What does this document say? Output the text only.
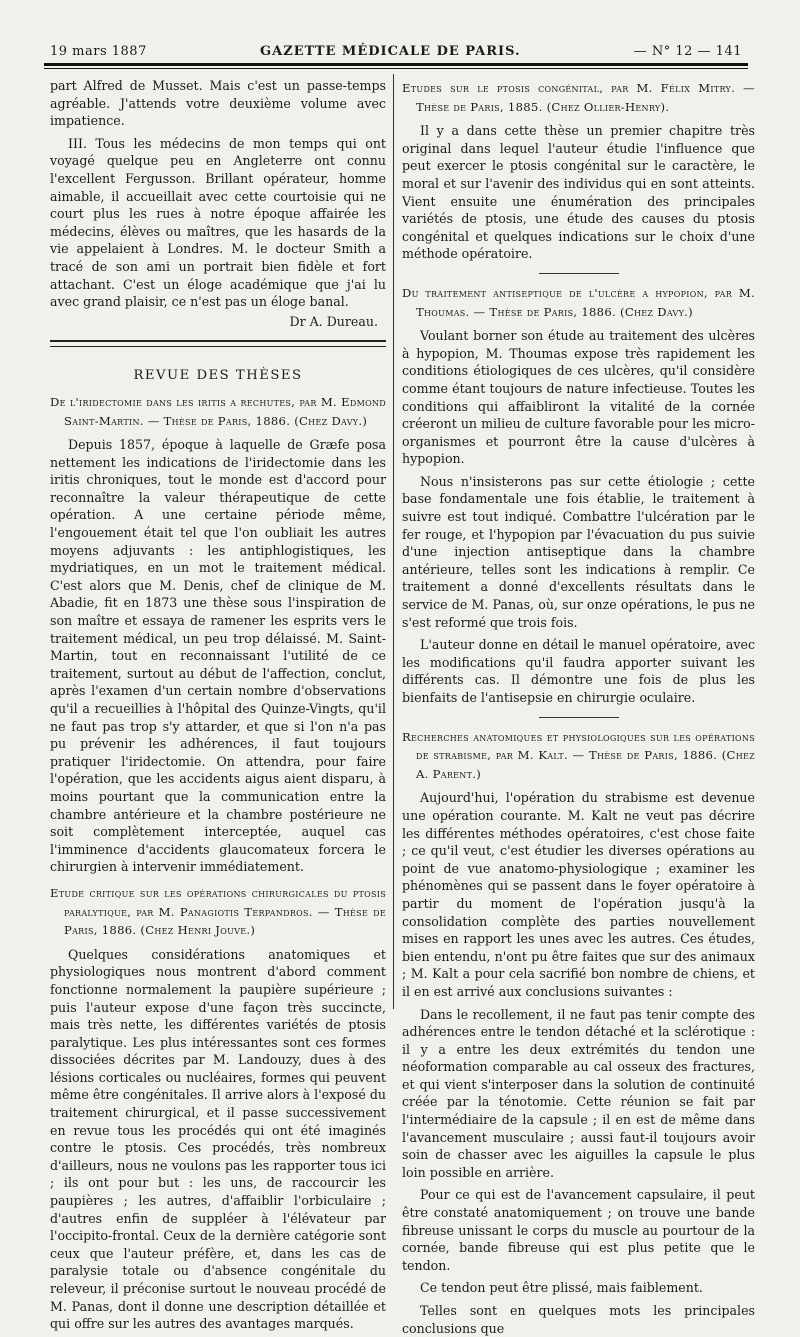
19 mars 1887	GAZETTE MÉDICALE DE PARIS.	— N° 12 — 141

part Alfred de Musset. Mais c'est un passe-temps agréable. J'attends votre deuxième volume avec impatience.

III. Tous les médecins de mon temps qui ont voyagé quelque peu en Angleterre ont connu l'excellent Fergusson. Brillant opérateur, homme aimable, il accueillait avec cette courtoisie qui ne court plus les rues à notre époque affairée les médecins, élèves ou maîtres, que les hasards de la vie appelaient à Londres. M. le docteur Smith a tracé de son ami un portrait bien fidèle et fort attachant. C'est un éloge académique que j'ai lu avec grand plaisir, ce n'est pas un éloge banal.

Dr A. Dureau.
REVUE DES THÈSES

De l'iridectomie dans les iritis a rechutes, par M. Edmond Saint-Martin. — Thèse de Paris, 1886. (Chez Davy.)

Depuis 1857, époque à laquelle de Græfe posa nettement les indications de l'iridectomie dans les iritis chroniques, tout le monde est d'accord pour reconnaître la valeur thérapeutique de cette opération. A une certaine période même, l'engouement était tel que l'on oubliait les autres moyens adjuvants : les antiphlogistiques, les mydriatiques, en un mot le traitement médical. C'est alors que M. Denis, chef de clinique de M. Abadie, fit en 1873 une thèse sous l'inspiration de son maître et essaya de ramener les esprits vers le traitement médical, un peu trop délaissé. M. Saint-Martin, tout en reconnaissant l'utilité de ce traitement, surtout au début de l'affection, conclut, après l'examen d'un certain nombre d'observations qu'il a recueillies à l'hôpital des Quinze-Vingts, qu'il ne faut pas trop s'y attarder, et que si l'on n'a pas pu prévenir les adhérences, il faut toujours pratiquer l'iridectomie. On attendra, pour faire l'opération, que les accidents aigus aient disparu, à moins pourtant que la communication entre la chambre antérieure et la chambre postérieure ne soit complètement interceptée, auquel cas l'imminence d'accidents glaucomateux forcera le chirurgien à intervenir immédiatement.

Etude critique sur les opérations chirurgicales du ptosis paralytique, par M. Panagiotis Terpandros. — Thèse de Paris, 1886. (Chez Henri Jouve.)

Quelques considérations anatomiques et physiologiques nous montrent d'abord comment fonctionne normalement la paupière supérieure ; puis l'auteur expose d'une façon très succincte, mais très nette, les différentes variétés de ptosis paralytique. Les plus intéressantes sont ces formes dissociées décrites par M. Landouzy, dues à des lésions corticales ou nucléaires, formes qui peuvent même être congénitales. Il arrive alors à l'exposé du traitement chirurgical, et il passe successivement en revue tous les procédés qui ont été imaginés contre le ptosis. Ces procédés, très nombreux d'ailleurs, nous ne voulons pas les rapporter tous ici ; ils ont pour but : les uns, de raccourcir les paupières ; les autres, d'affaiblir l'orbiculaire ; d'autres enfin de suppléer à l'élévateur par l'occipito-frontal. Ceux de la dernière catégorie sont ceux que l'auteur préfère, et, dans les cas de paralysie totale ou d'absence congénitale du releveur, il préconise surtout le nouveau procédé de M. Panas, dont il donne une description détaillée et qui offre sur les autres des avantages marqués.

Etudes sur le ptosis congénital, par M. Félix Mitry. — Thèse de Paris, 1885. (Chez Ollier-Henry).

Il y a dans cette thèse un premier chapitre très original dans lequel l'auteur étudie l'influence que peut exercer le ptosis congénital sur le caractère, le moral et sur l'avenir des individus qui en sont atteints. Vient ensuite une énumération des principales variétés de ptosis, une étude des causes du ptosis congénital et quelques indications sur le choix d'une méthode opératoire.

Du traitement antiseptique de l'ulcère a hypopion, par M. Thoumas. — Thèse de Paris, 1886. (Chez Davy.)

Voulant borner son étude au traitement des ulcères à hypopion, M. Thoumas expose très rapidement les conditions étiologiques de ces ulcères, qu'il considère comme étant toujours de nature infectieuse. Toutes les conditions qui affaibliront la vitalité de la cornée créeront un milieu de culture favorable pour les micro-organismes et pourront être la cause d'ulcères à hypopion.

Nous n'insisterons pas sur cette étiologie ; cette base fondamentale une fois établie, le traitement à suivre est tout indiqué. Combattre l'ulcération par le fer rouge, et l'hypopion par l'évacuation du pus suivie d'une injection antiseptique dans la chambre antérieure, telles sont les indications à remplir. Ce traitement a donné d'excellents résultats dans le service de M. Panas, où, sur onze opérations, le pus ne s'est reformé que trois fois.

L'auteur donne en détail le manuel opératoire, avec les modifications qu'il faudra apporter suivant les différents cas. Il démontre une fois de plus les bienfaits de l'antisepsie en chirurgie oculaire.

Recherches anatomiques et physiologiques sur les opérations de strabisme, par M. Kalt. — Thèse de Paris, 1886. (Chez A. Parent.)

Aujourd'hui, l'opération du strabisme est devenue une opération courante. M. Kalt ne veut pas décrire les différentes méthodes opératoires, c'est chose faite ; ce qu'il veut, c'est étudier les diverses opérations au point de vue anatomo-physiologique ; examiner les phénomènes qui se passent dans le foyer opératoire à partir du moment de l'opération jusqu'à la consolidation complète des parties nouvellement mises en rapport les unes avec les autres. Ces études, bien entendu, n'ont pu être faites que sur des animaux ; M. Kalt a pour cela sacrifié bon nombre de chiens, et il en est arrivé aux conclusions suivantes :

Dans le recollement, il ne faut pas tenir compte des adhérences entre le tendon détaché et la sclérotique : il y a entre les deux extrémités du tendon une néoformation comparable au cal osseux des fractures, et qui vient s'interposer dans la solution de continuité créée par la ténotomie. Cette réunion se fait par l'intermédiaire de la capsule ; il en est de même dans l'avancement musculaire ; aussi faut-il toujours avoir soin de chasser avec les aiguilles la capsule le plus loin possible en arrière.

Pour ce qui est de l'avancement capsulaire, il peut être constaté anatomiquement ; on trouve une bande fibreuse unissant le corps du muscle au pourtour de la cornée, bande fibreuse qui est plus petite que le tendon.

Ce tendon peut être plissé, mais faiblement.

Telles sont en quelques mots les principales conclusions que
